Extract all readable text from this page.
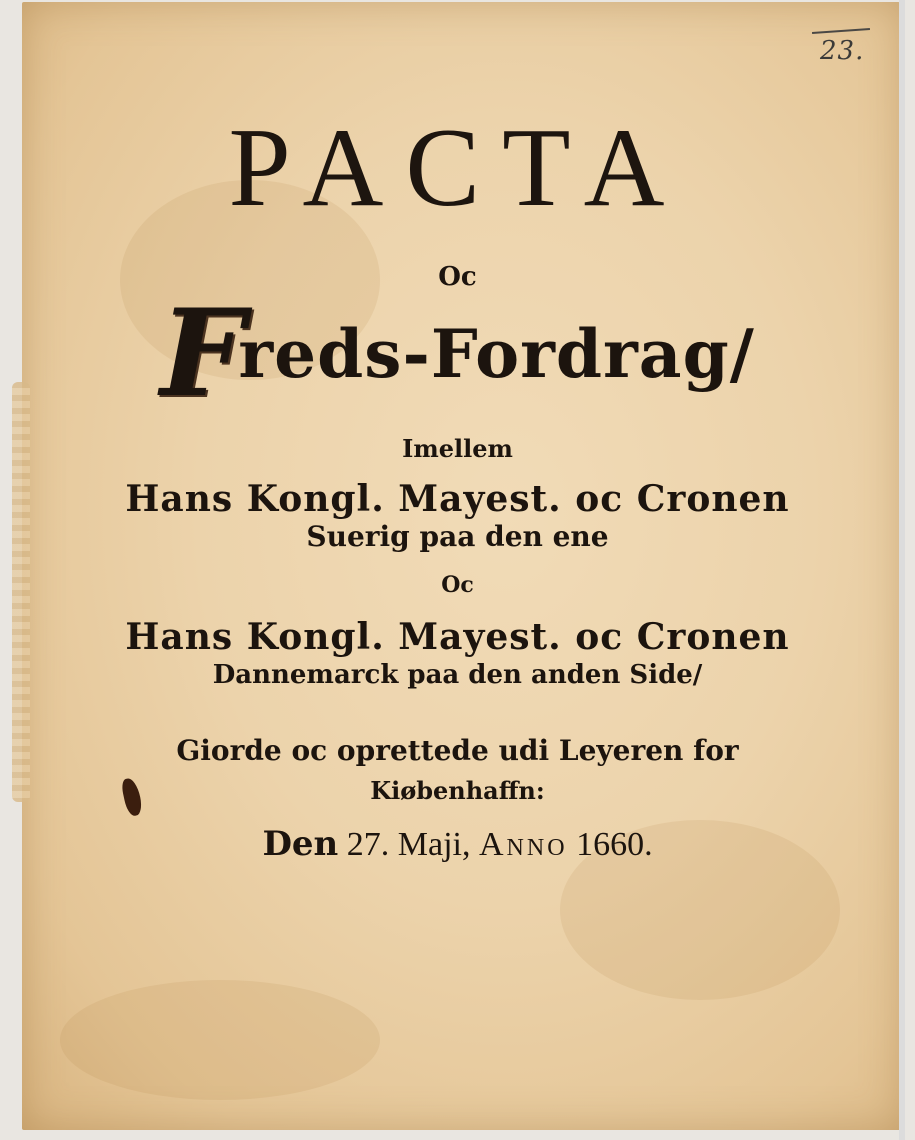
23.
PACTA
Oc
Freds-Fordrag/
Imellem
Hans Kongl. Mayest. oc Cronen
Suerig paa den ene
Oc
Hans Kongl. Mayest. oc Cronen
Dannemarck paa den anden Side/
Giorde oc oprettede udi Leyeren for
Kiøbenhaffn:
Den 27. Maji, Anno 1660.
